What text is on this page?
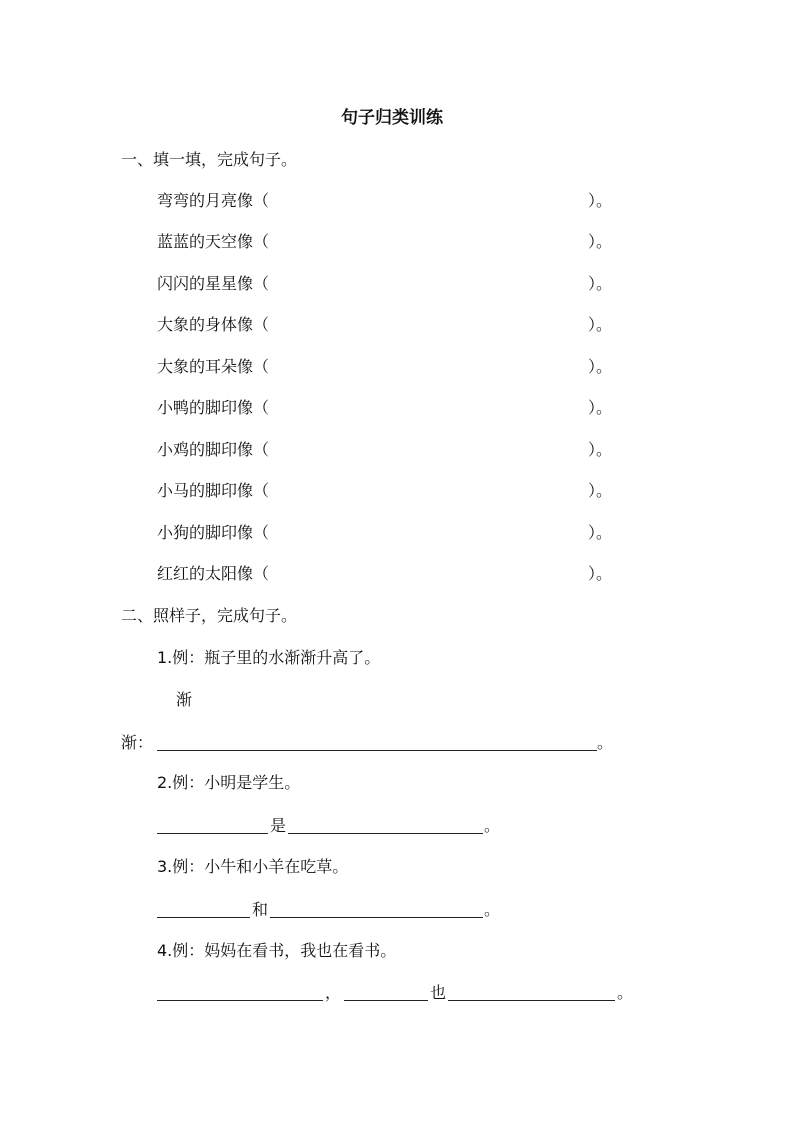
句子归类训练
一、填一填，完成句子。
弯弯的月亮像（	）。
蓝蓝的天空像（	）。
闪闪的星星像（	）。
大象的身体像（	）。
大象的耳朵像（	）。
小鸭的脚印像（	）。
小鸡的脚印像（	）。
小马的脚印像（	）。
小狗的脚印像（	）。
红红的太阳像（	）。
二、照样子，完成句子。
1.例：瓶子里的水渐渐升高了。
渐
渐：	。
2.例：小明是学生。
是	。
3.例：小牛和小羊在吃草。
和	。
4.例：妈妈在看书，我也在看书。
，	也	。
